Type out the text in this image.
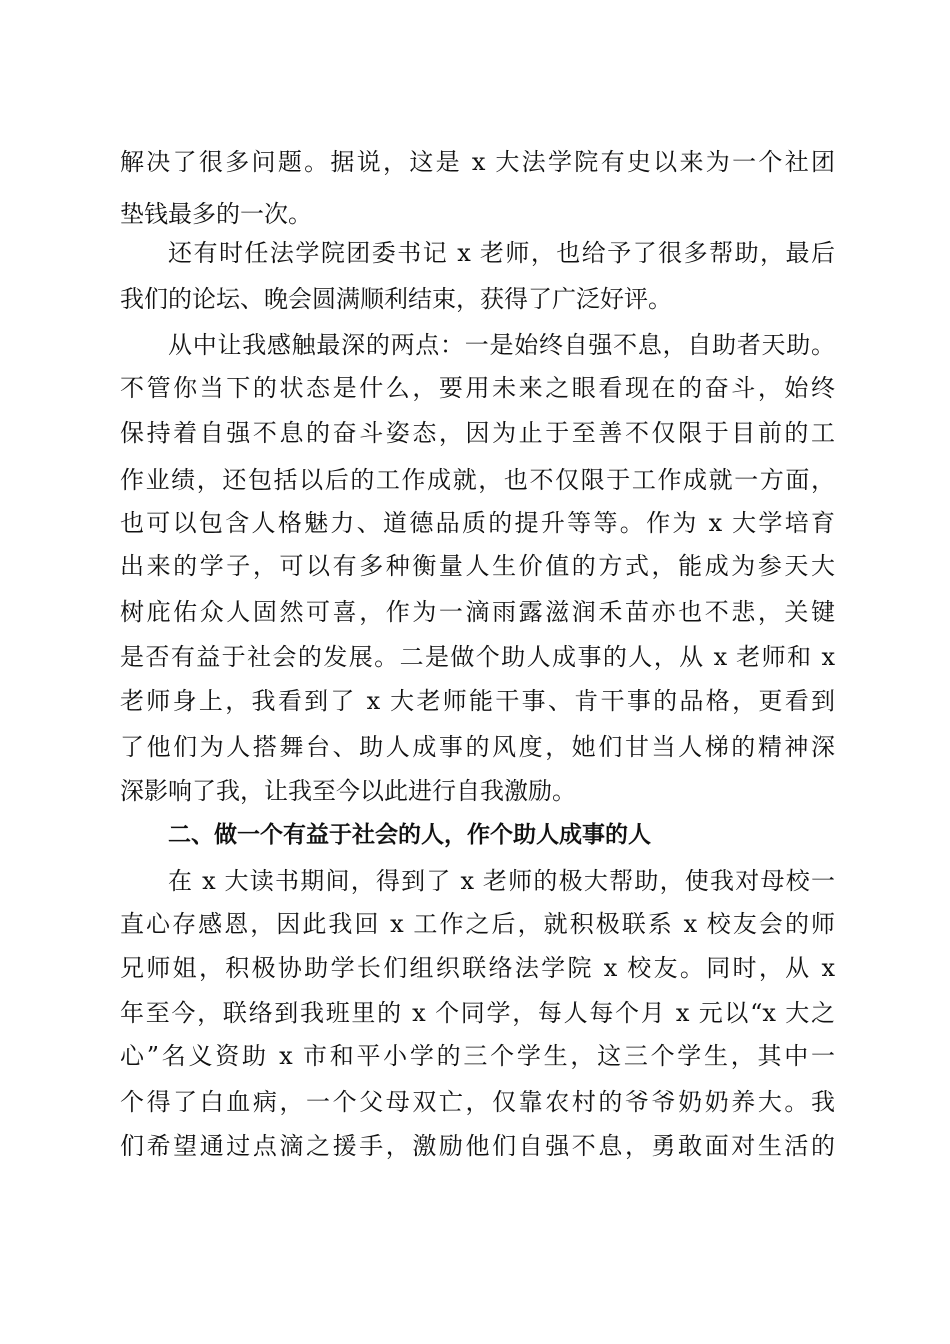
解决了很多问题。据说，这是 x 大法学院有史以来为一个社团
垫钱最多的一次。
还有时任法学院团委书记 x 老师，也给予了很多帮助，最后
我们的论坛、晚会圆满顺利结束，获得了广泛好评。
从中让我感触最深的两点：一是始终自强不息，自助者天助。
不管你当下的状态是什么，要用未来之眼看现在的奋斗，始终
保持着自强不息的奋斗姿态，因为止于至善不仅限于目前的工
作业绩，还包括以后的工作成就，也不仅限于工作成就一方面，
也可以包含人格魅力、道德品质的提升等等。作为 x 大学培育
出来的学子，可以有多种衡量人生价值的方式，能成为参天大
树庇佑众人固然可喜，作为一滴雨露滋润禾苗亦也不悲，关键
是否有益于社会的发展。二是做个助人成事的人，从 x 老师和 x
老师身上，我看到了 x 大老师能干事、肯干事的品格，更看到
了他们为人搭舞台、助人成事的风度，她们甘当人梯的精神深
深影响了我，让我至今以此进行自我激励。
二、做一个有益于社会的人，作个助人成事的人
在 x 大读书期间，得到了 x 老师的极大帮助，使我对母校一
直心存感恩，因此我回 x 工作之后，就积极联系 x 校友会的师
兄师姐，积极协助学长们组织联络法学院 x 校友。同时，从 x
年至今，联络到我班里的 x 个同学，每人每个月 x 元以“x 大之
心”名义资助 x 市和平小学的三个学生，这三个学生，其中一
个得了白血病，一个父母双亡，仅靠农村的爷爷奶奶养大。我
们希望通过点滴之援手，激励他们自强不息，勇敢面对生活的
